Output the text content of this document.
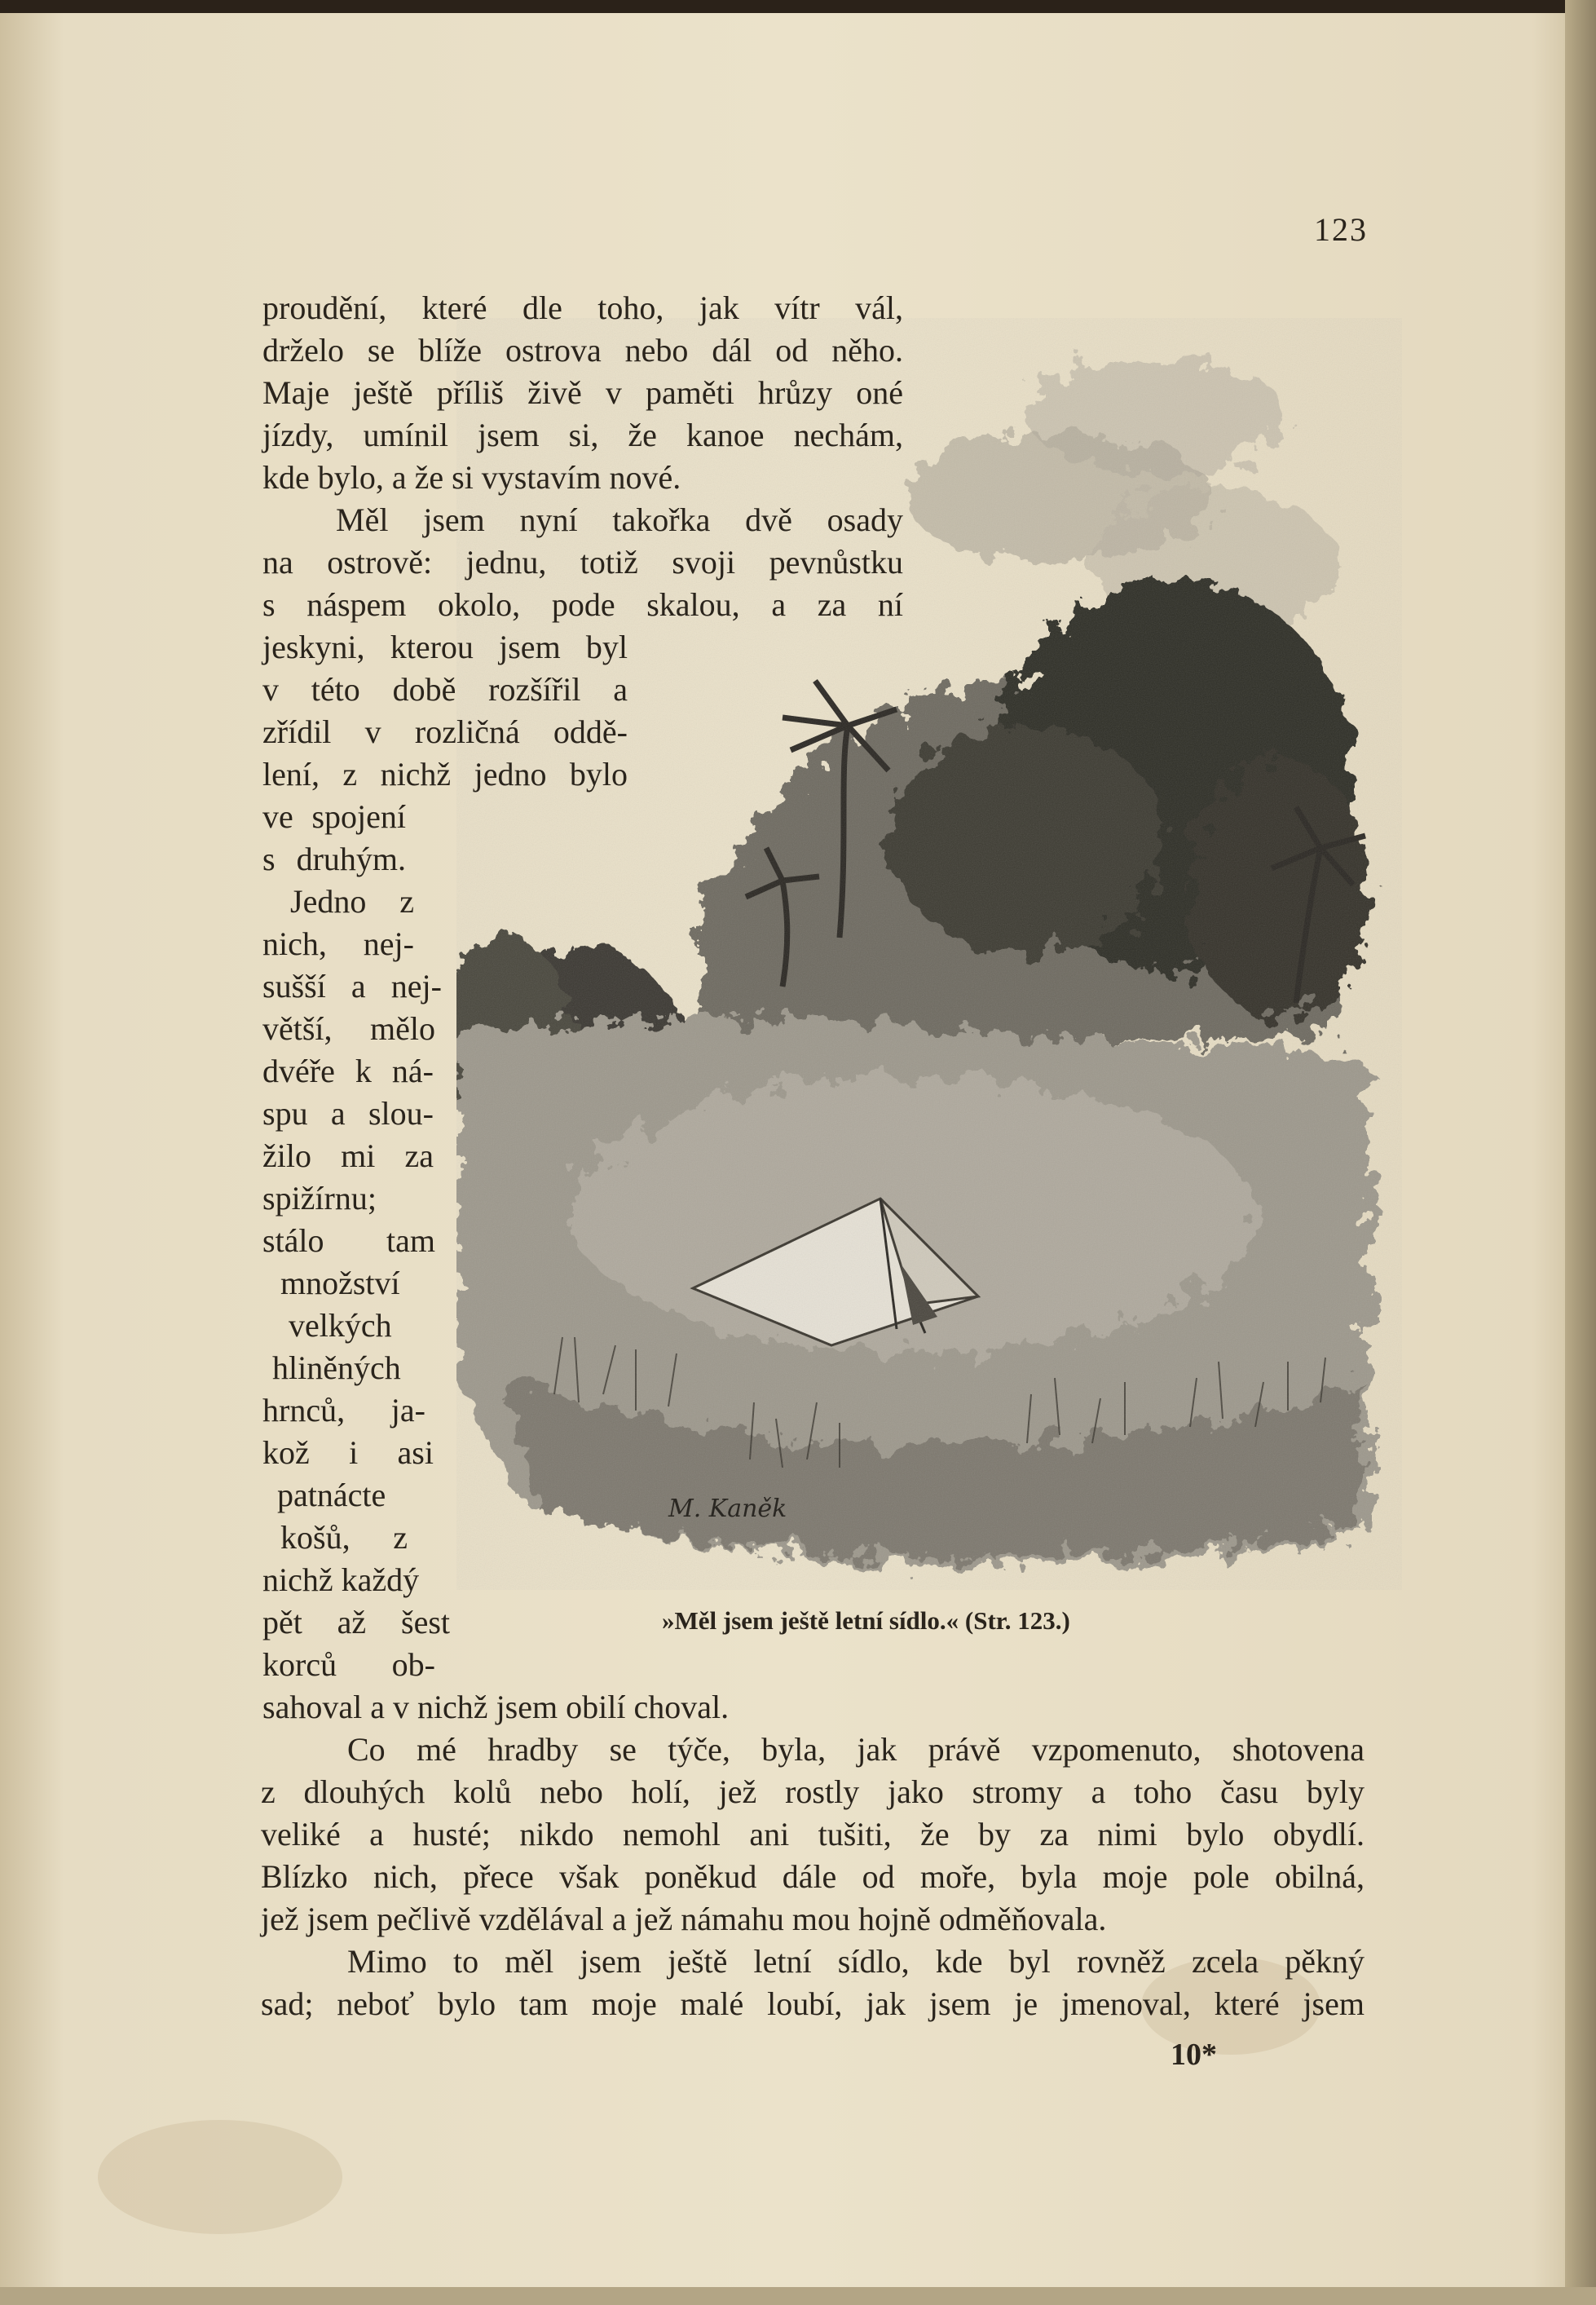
123
M. Kaněk
»Měl jsem ještě letní sídlo.« (Str. 123.)
proudění, které dle toho, jak vítr vál,
drželo se blíže ostrova nebo dál od něho.
Maje ještě příliš živě v paměti hrůzy oné
jízdy, umínil jsem si, že kanoe nechám,
kde bylo, a že si vystavím nové.
Měl jsem nyní takořka dvě osady
na ostrově: jednu, totiž svoji pevnůstku
s náspem okolo, pode skalou, a za ní
jeskyni, kterou jsem byl
v této době rozšířil a
zřídil v rozličná oddě-
lení, z nichž jedno bylo
ve spojení
s druhým.
Jedno z
nich, nej-
sušší a nej-
větší, mělo
dvéře k ná-
spu a slou-
žilo mi za
spižírnu;
stálo tam
množství
velkých
hliněných
hrnců, ja-
kož i asi
patnácte
košů, z
nichž každý
pět až šest
korců ob-
sahoval a v nichž jsem obilí choval.
Co mé hradby se týče, byla, jak právě vzpomenuto, shotovena
z dlouhých kolů nebo holí, jež rostly jako stromy a toho času byly
veliké a husté; nikdo nemohl ani tušiti, že by za nimi bylo obydlí.
Blízko nich, přece však poněkud dále od moře, byla moje pole obilná,
jež jsem pečlivě vzdělával a jež námahu mou hojně odměňovala.
Mimo to měl jsem ještě letní sídlo, kde byl rovněž zcela pěkný
sad; neboť bylo tam moje malé loubí, jak jsem je jmenoval, které jsem
10*
